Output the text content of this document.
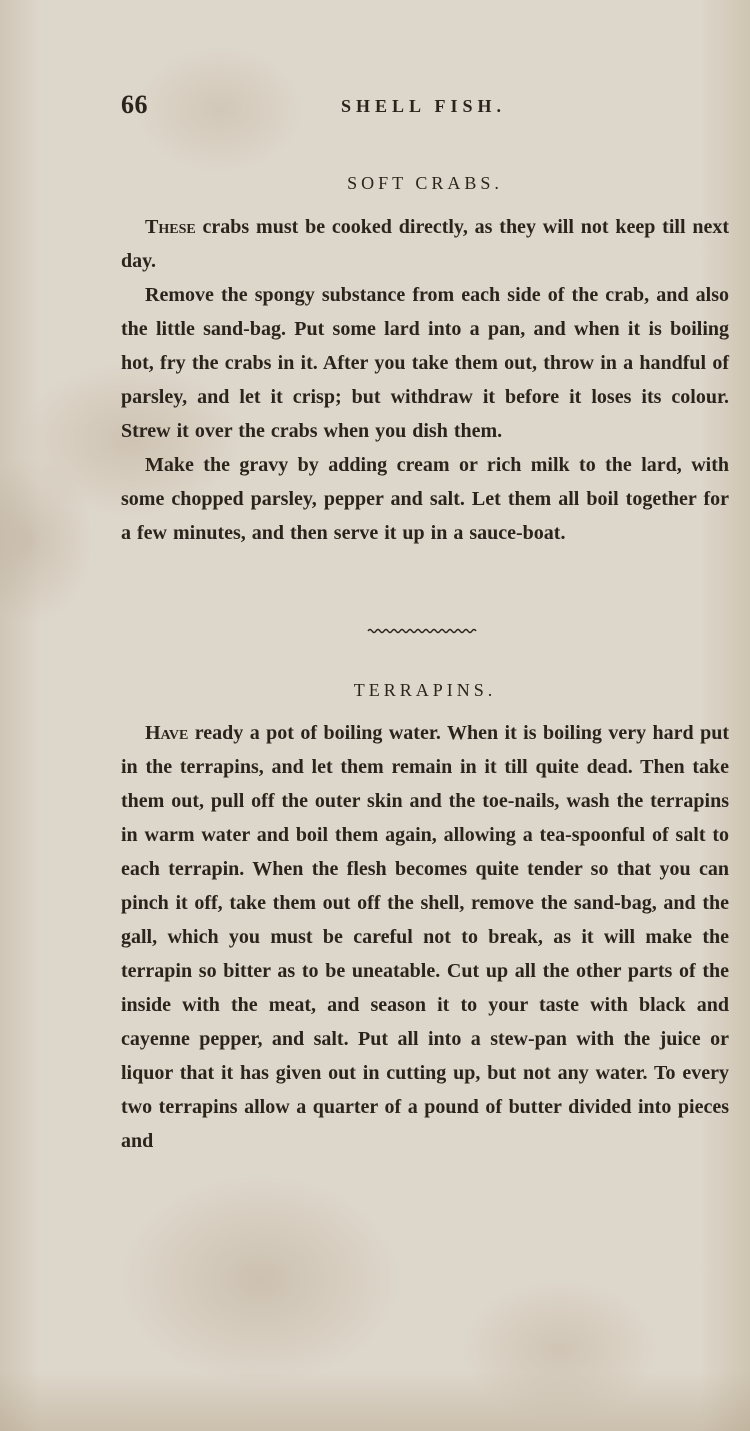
66	SHELL FISH.
SOFT CRABS.

These crabs must be cooked directly, as they will not keep till next day.

Remove the spongy substance from each side of the crab, and also the little sand-bag. Put some lard into a pan, and when it is boiling hot, fry the crabs in it. After you take them out, throw in a handful of parsley, and let it crisp; but withdraw it before it loses its colour. Strew it over the crabs when you dish them.

Make the gravy by adding cream or rich milk to the lard, with some chopped parsley, pepper and salt. Let them all boil together for a few minutes, and then serve it up in a sauce-boat.

TERRAPINS.

Have ready a pot of boiling water. When it is boiling very hard put in the terrapins, and let them remain in it till quite dead. Then take them out, pull off the outer skin and the toe-nails, wash the terrapins in warm water and boil them again, allowing a tea-spoonful of salt to each terrapin. When the flesh becomes quite tender so that you can pinch it off, take them out off the shell, remove the sand-bag, and the gall, which you must be careful not to break, as it will make the terrapin so bitter as to be uneatable. Cut up all the other parts of the inside with the meat, and season it to your taste with black and cayenne pepper, and salt. Put all into a stew-pan with the juice or liquor that it has given out in cutting up, but not any water. To every two terrapins allow a quarter of a pound of butter divided into pieces and
